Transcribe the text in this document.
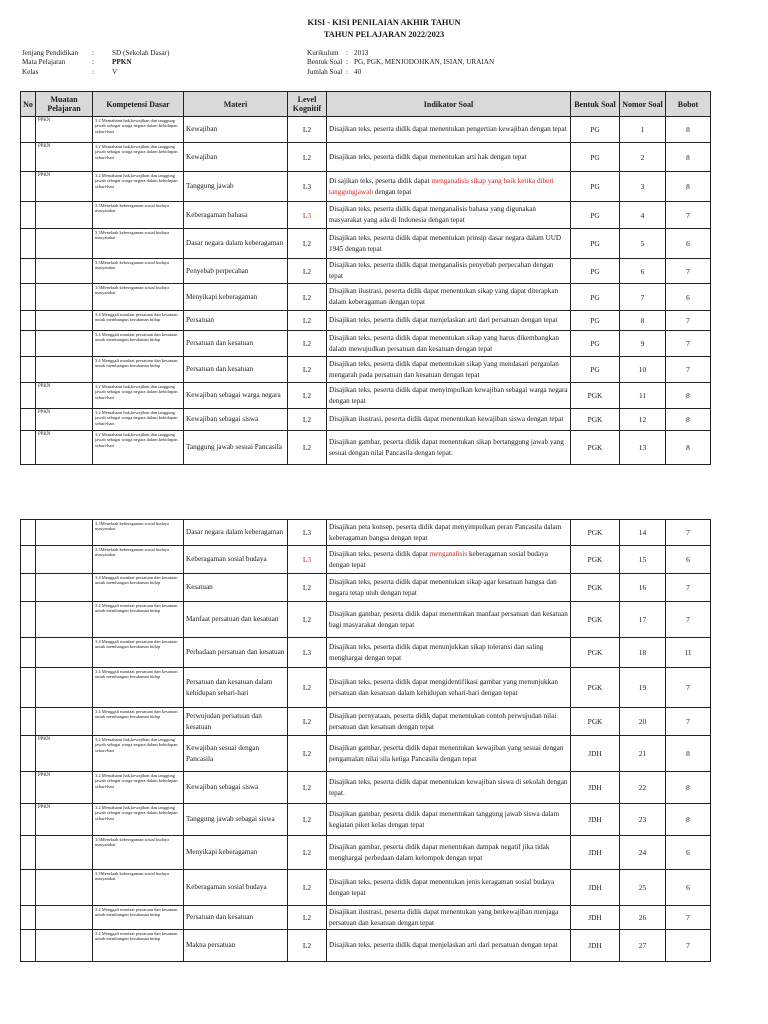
KISI - KISI PENILAIAN AKHIR TAHUN
TAHUN PELAJARAN 2022/2023
Jenjang Pendidikan	:	SD (Sekolah Dasar)
Mata Pelajaran	:	PPKN
Kelas	:	V
Kurikulum	: 2013
Bentuk Soal : PG, PGK, MENJODOHKAN, ISIAN, URAIAN
Jumlah Soal : 40
No	Muatan Pelajaran	Kompetensi Dasar	Materi	Level Kognitif	Indikator Soal	Bentuk Soal	Nomor Soal	Bobot
	PPKN	3.2 Memahami hak,kewajiban dan tanggung jawab sebagai warga negara dalam kehidupan sehari-hari	Kewajiban	L2	Disajikan teks, peserta didik dapat menentukan pengertian kewajiban dengan tepat	PG	1	8
	PPKN	3.2 Memahami hak,kewajiban dan tanggung jawab sebagai warga negara dalam kehidupan sehari-hari	Kewajiban	L2	Disajikan teks, peserta didik dapat menentukan arti hak dengan tepat	PG	2	8
	PPKN	3.2 Memahami hak,kewajiban dan tanggung jawab sebagai warga negara dalam kehidupan sehari-hari	Tanggung jawab	L3	Di sajikan teks, peserta didik dapat menganalisis sikap yang baik ketika diberi tanggungjawab dengan tepat	PG	3	8
		3.3Menelaah keberagaman sosial budaya masyarakat	Keberagaman bahasa	L3	Disajikan teks, peserta didik dapat menganalisis bahasa yang digunakan masyarakat yang ada di Indonesia dengan tepat	PG	4	7
		3.3Menelaah keberagaman sosial budaya masyarakat	Dasar negara dalam keberagaman	L2	Disajikan teks, peserta didik dapat menentukan prinsip dasar negara dalam UUD 1945 dengan tepat	PG	5	6
		3.3Menelaah keberagaman sosial budaya masyarakat	Penyebab perpecahan	L2	Disajikan teks, peserta didik dapat menganalisis penyebab perpecahan dengan tepat	PG	6	7
		3.3Menelaah keberagaman sosial budaya masyarakat	Menyikapi keberagaman	L2	Disajikan ilustrasi, peserta didik dapat menentukan sikap yang dapat diterapkan dalam keberagaman dengan tepat	PG	7	6
		3.4 Menggali manfaat persatuan dan kesatuan untuk membangun kerukunan hidup	Persatuan	L2	Disajikan teks, peserta didik dapat menjelaskan arti dari persatuan dengan tepat	PG	8	7
		3.4 Menggali manfaat persatuan dan kesatuan untuk membangun kerukunan hidup	Persatuan dan kesatuan	L2	Disajikan teks, peserta didik dapat menentukan sikap yang harus dikembangkan dalam mewujudkan persatuan dan kesatuan dengan tepat	PG	9	7
		3.4 Menggali manfaat persatuan dan kesatuan untuk membangun kerukunan hidup	Persatuan dan kesatuan	L2	Disajikan teks, peserta didik dapat menentukan sikap yang mendasari pergaulan mengarah pada persatuan dan kesatuan dengan tepat	PG	10	7
	PPKN	3.2 Memahami hak,kewajiban dan tanggung jawab sebagai warga negara dalam kehidupan sehari-hari	Kewajiban sebagai warga negara	L2	Disajikan teks, peserta didik dapat menyimpulkan kewajiban sebagai warga negara dengan tepat	PGK	11	8
	PPKN	3.2 Memahami hak,kewajiban dan tanggung jawab sebagai warga negara dalam kehidupan sehari-hari	Kewajiban sebagai siswa	L2	Disajikan ilustrasi, peserta didik dapat menentukan kewajiban siswa dengan tepat	PGK	12	8
	PPKN	3.2 Memahami hak,kewajiban dan tanggung jawab sebagai warga negara dalam kehidupan sehari-hari	Tanggung jawab sesuai Pancasila	L2	Disajikan gambar, peserta didik dapat menentukan sikap bertanggung jawab yang sesuai dengan nilai Pancasila dengan tepat.	PGK	13	8
		3.3Menelaah keberagaman sosial budaya masyarakat	Dasar negara dalam keberagaman	L3	Disajikan peta konsep, peserta didik dapat menyimpulkan peran Pancasila dalam keberagaman bangsa dengan tepat	PGK	14	7
		3.3Menelaah keberagaman sosial budaya masyarakat	Keberagaman sosial budaya	L3	Disajikan teks, peserta didik dapat menganalisis keberagaman sosial budaya dengan tepat	PGK	15	6
		3.4 Menggali manfaat persatuan dan kesatuan untuk membangun kerukunan hidup	Kesatuan	L2	Disajikan teks, peserta didik dapat menentukan sikap agar kesatuan bangsa dan negara tetap utuh dengan tepat	PGK	16	7
		3.4 Menggali manfaat persatuan dan kesatuan untuk membangun kerukunan hidup	Manfaat persatuan dan kesatuan	L2	Disajikan gambar, peserta didik dapat menentukan manfaat persatuan dan kesatuan bagi masyarakat dengan tepat	PGK	17	7
		3.4 Menggali manfaat persatuan dan kesatuan untuk membangun kerukunan hidup	Perbadaan persatuan dan kesatuan	L3	Disajikan teks, peserta didik dapat menunjukkan sikap toleransi dan saling menghargai dengan tepat	PGK	18	11
		3.4 Menggali manfaat persatuan dan kesatuan untuk membangun kerukunan hidup	Persatuan dan kesatuan dalam kehidupan sehari-hari	L2	Disajikan teks, peserta didik dapat mengidentifikasi gambar yang menunjukkan persatuan dan kesatuan dalam kehidupan sehari-hari dengan tepat	PGK	19	7
		3.4 Menggali manfaat persatuan dan kesatuan untuk membangun kerukunan hidup	Perwujudan persatuan dan kesatuan	L2	Disajikan pernyataan, peserta didik dapat menentukan contoh perwujudan nilai persatuan dan kesatuan dengan tepat	PGK	20	7
	PPKN	3.2 Memahami hak,kewajiban dan tanggung jawab sebagai warga negara dalam kehidupan sehari-hari	Kewajiban sesuai dengan Pancasila	L2	Disajikan gambar, peserta didik dapat menentukan kewajiban yang sesuai dengan pengamalan nilai sila ketiga Pancasila dengan tepat	JDH	21	8
	PPKN	3.2 Memahami hak,kewajiban dan tanggung jawab sebagai warga negara dalam kehidupan sehari-hari	Kewajiban sebagai siswa	L2	Disajikan teks, peserta didik dapat menentukan kewajiban siswa di sekolah dengan tepat.	JDH	22	8
	PPKN	3.2 Memahami hak,kewajiban dan tanggung jawab sebagai warga negara dalam kehidupan sehari-hari	Tanggung jawab sebagai siswa	L2	Disajikan gambar, peserta didik dapat menentukan tanggung jawab siswa dalam kegiatan piket kelas dengan tepat	JDH	23	8
		3.3Menelaah keberagaman sosial budaya masyarakat	Menyikapi keberagaman	L2	Disajikan gambar, peserta didik dapat menentukan dampak negatif jika tidak menghargai perbedaan dalam kelompok dengan tepat	JDH	24	6
		3.3Menelaah keberagaman sosial budaya masyarakat	Keberagaman sosial budaya	L2	Disajikan teks, peserta didik dapat menentukan jenis keragaman sosial budaya dengan tepat	JDH	25	6
		3.4 Menggali manfaat persatuan dan kesatuan untuk membangun kerukunan hidup	Persatuan dan kesatuan	L2	Disajikan ilustrasi, peserta didik dapat menentukan yang berkewajiban menjaga persatuan dan kesatuan dengan tepat	JDH	26	7
		3.4 Menggali manfaat persatuan dan kesatuan untuk membangun kerukunan hidup	Makna persatuan	L2	Disajikan teks, peserta didik dapat menjelaskan arti dari persatuan dengan tepat	JDH	27	7
